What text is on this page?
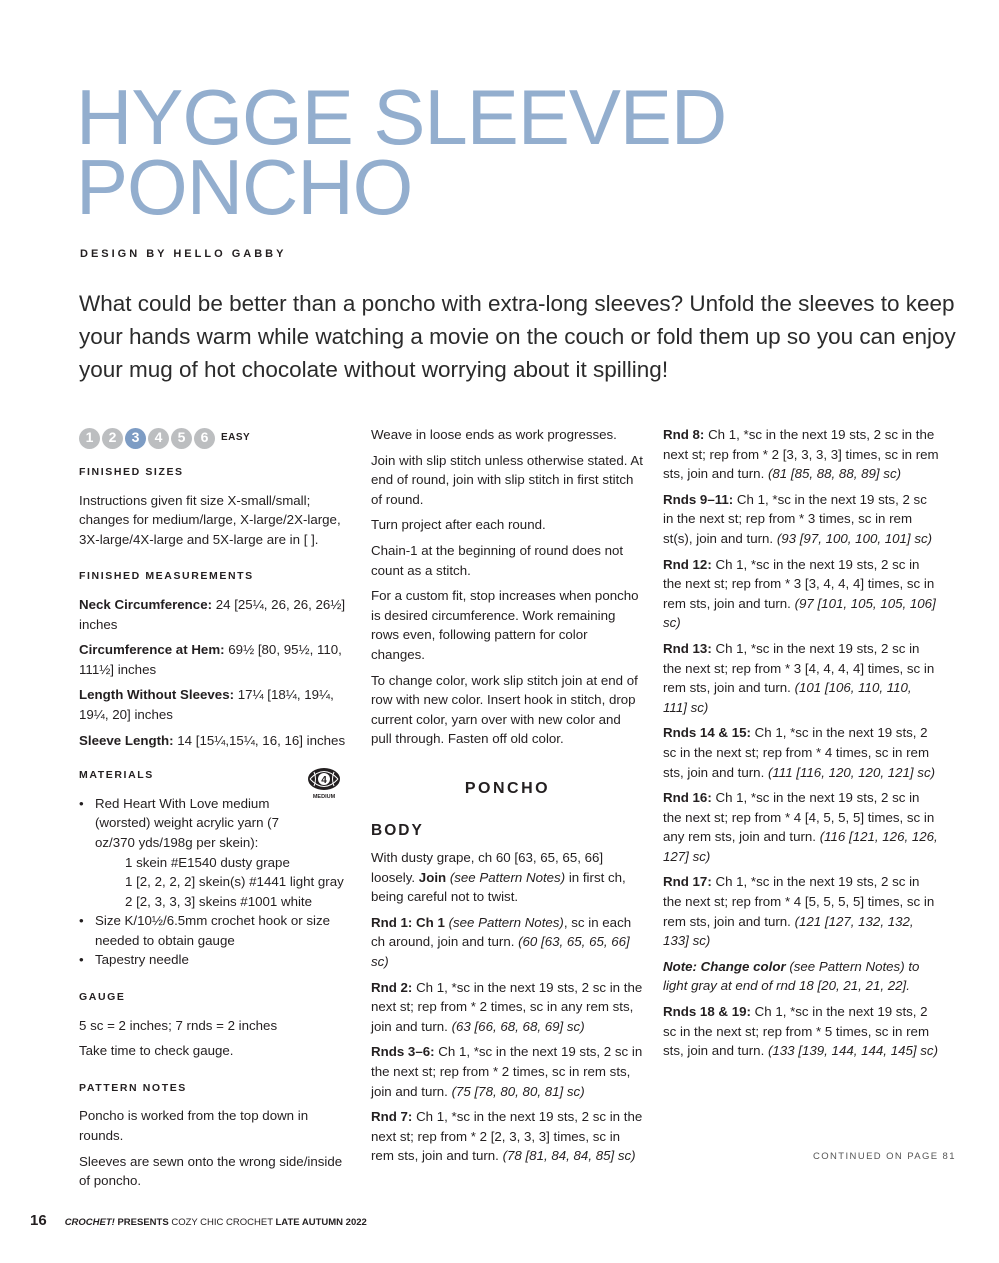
HYGGE SLEEVED
PONCHO
DESIGN BY HELLO GABBY

What could be better than a poncho with extra-long sleeves? Unfold the sleeves to keep your hands warm while watching a movie on the couch or fold them up so you can enjoy your mug of hot chocolate without worrying about it spilling!

1	2	3	4	5	6	EASY
FINISHED SIZES

Instructions given fit size X-small/small; changes for medium/large, X-large/2X-large, 3X-large/4X-large and 5X-large are in [ ].

FINISHED MEASUREMENTS

Neck Circumference: 24 [25¼, 26, 26, 26½] inches

Circumference at Hem: 69½ [80, 95½, 110, 111½] inches

Length Without Sleeves: 17¼ [18¼, 19¼, 19¼, 20] inches

Sleeve Length: 14 [15¼,15¼, 16, 16] inches

MATERIALS	4
MEDIUM
• Red Heart With Love medium (worsted) weight acrylic yarn (7 oz/370 yds/198g per skein):
1 skein #E1540 dusty grape
1 [2, 2, 2, 2] skein(s) #1441 light gray
2 [2, 3, 3, 3] skeins #1001 white
• Size K/10½/6.5mm crochet hook or size needed to obtain gauge
• Tapestry needle
GAUGE

5 sc = 2 inches; 7 rnds = 2 inches

Take time to check gauge.

PATTERN NOTES

Poncho is worked from the top down in rounds.

Sleeves are sewn onto the wrong side/inside of poncho.

Weave in loose ends as work progresses.

Join with slip stitch unless otherwise stated. At end of round, join with slip stitch in first stitch of round.

Turn project after each round.

Chain-1 at the beginning of round does not count as a stitch.

For a custom fit, stop increases when poncho is desired circumference. Work remaining rows even, following pattern for color changes.

To change color, work slip stitch join at end of row with new color. Insert hook in stitch, drop current color, yarn over with new color and pull through. Fasten off old color.

PONCHO
BODY

With dusty grape, ch 60 [63, 65, 65, 66] loosely. Join (see Pattern Notes) in first ch, being careful not to twist.

Rnd 1: Ch 1 (see Pattern Notes), sc in each ch around, join and turn. (60 [63, 65, 65, 66] sc)

Rnd 2: Ch 1, *sc in the next 19 sts, 2 sc in the next st; rep from * 2 times, sc in any rem sts, join and turn. (63 [66, 68, 68, 69] sc)

Rnds 3–6: Ch 1, *sc in the next 19 sts, 2 sc in the next st; rep from * 2 times, sc in rem sts, join and turn. (75 [78, 80, 80, 81] sc)

Rnd 7: Ch 1, *sc in the next 19 sts, 2 sc in the next st; rep from * 2 [2, 3, 3, 3] times, sc in rem sts, join and turn. (78 [81, 84, 84, 85] sc)

Rnd 8: Ch 1, *sc in the next 19 sts, 2 sc in the next st; rep from * 2 [3, 3, 3, 3] times, sc in rem sts, join and turn. (81 [85, 88, 88, 89] sc)

Rnds 9–11: Ch 1, *sc in the next 19 sts, 2 sc in the next st; rep from * 3 times, sc in rem st(s), join and turn. (93 [97, 100, 100, 101] sc)

Rnd 12: Ch 1, *sc in the next 19 sts, 2 sc in the next st; rep from * 3 [3, 4, 4, 4] times, sc in rem sts, join and turn. (97 [101, 105, 105, 106] sc)

Rnd 13: Ch 1, *sc in the next 19 sts, 2 sc in the next st; rep from * 3 [4, 4, 4, 4] times, sc in rem sts, join and turn. (101 [106, 110, 110, 111] sc)

Rnds 14 & 15: Ch 1, *sc in the next 19 sts, 2 sc in the next st; rep from * 4 times, sc in rem sts, join and turn. (111 [116, 120, 120, 121] sc)

Rnd 16: Ch 1, *sc in the next 19 sts, 2 sc in the next st; rep from * 4 [4, 5, 5, 5] times, sc in any rem sts, join and turn. (116 [121, 126, 126, 127] sc)

Rnd 17: Ch 1, *sc in the next 19 sts, 2 sc in the next st; rep from * 4 [5, 5, 5, 5] times, sc in rem sts, join and turn. (121 [127, 132, 132, 133] sc)

Note: Change color (see Pattern Notes) to light gray at end of rnd 18 [20, 21, 21, 22].

Rnds 18 & 19: Ch 1, *sc in the next 19 sts, 2 sc in the next st; rep from * 5 times, sc in rem sts, join and turn. (133 [139, 144, 144, 145] sc)

CONTINUED ON PAGE 81
16 CROCHET! PRESENTS COZY CHIC CROCHET LATE AUTUMN 2022
